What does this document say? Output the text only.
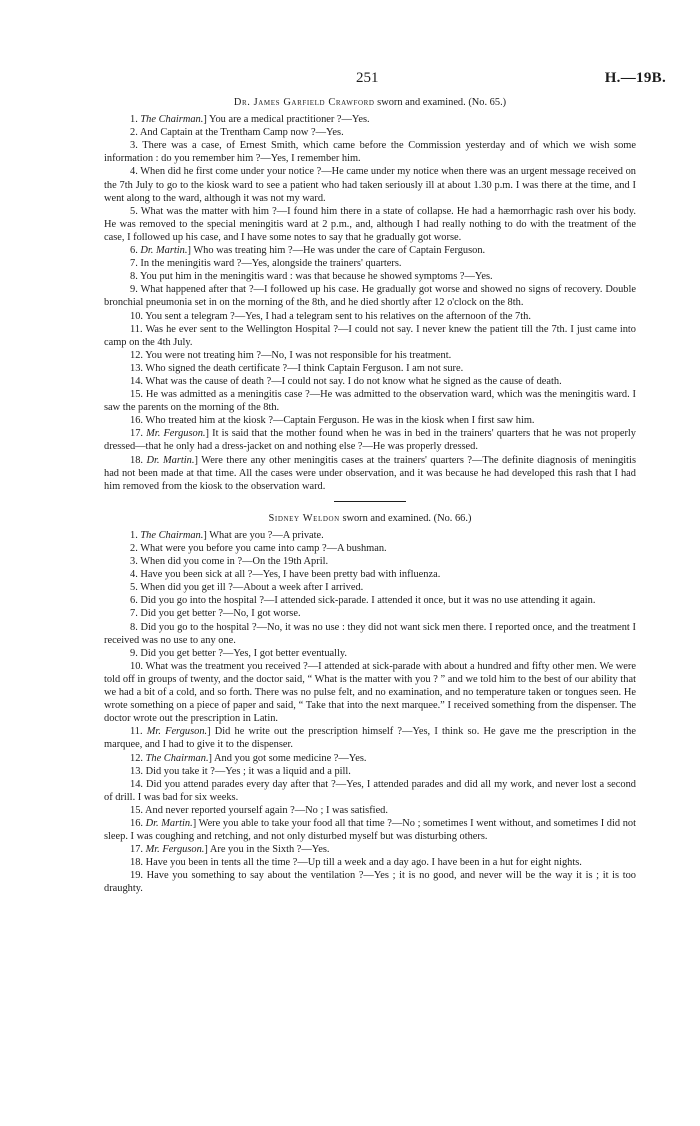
251	H.—19B.

Dr. James Garfield Crawford sworn and examined. (No. 65.)

1. The Chairman.] You are a medical practitioner ?—Yes.

2. And Captain at the Trentham Camp now ?—Yes.

3. There was a case, of Ernest Smith, which came before the Commission yesterday and of which we wish some information : do you remember him ?—Yes, I remember him.

4. When did he first come under your notice ?—He came under my notice when there was an urgent message received on the 7th July to go to the kiosk ward to see a patient who had taken seriously ill at about 1.30 p.m. I was there at the time, and I went along to the ward, although it was not my ward.

5. What was the matter with him ?—I found him there in a state of collapse. He had a hæmorrhagic rash over his body. He was removed to the special meningitis ward at 2 p.m., and, although I had really nothing to do with the treatment of the case, I followed up his case, and I have some notes to say that he gradually got worse.

6. Dr. Martin.] Who was treating him ?—He was under the care of Captain Ferguson.

7. In the meningitis ward ?—Yes, alongside the trainers' quarters.

8. You put him in the meningitis ward : was that because he showed symptoms ?—Yes.

9. What happened after that ?—I followed up his case. He gradually got worse and showed no signs of recovery. Double bronchial pneumonia set in on the morning of the 8th, and he died shortly after 12 o'clock on the 8th.

10. You sent a telegram ?—Yes, I had a telegram sent to his relatives on the afternoon of the 7th.

11. Was he ever sent to the Wellington Hospital ?—I could not say. I never knew the patient till the 7th. I just came into camp on the 4th July.

12. You were not treating him ?—No, I was not responsible for his treatment.

13. Who signed the death certificate ?—I think Captain Ferguson. I am not sure.

14. What was the cause of death ?—I could not say. I do not know what he signed as the cause of death.

15. He was admitted as a meningitis case ?—He was admitted to the observation ward, which was the meningitis ward. I saw the parents on the morning of the 8th.

16. Who treated him at the kiosk ?—Captain Ferguson. He was in the kiosk when I first saw him.

17. Mr. Ferguson.] It is said that the mother found when he was in bed in the trainers' quarters that he was not properly dressed—that he only had a dress-jacket on and nothing else ?—He was properly dressed.

18. Dr. Martin.] Were there any other meningitis cases at the trainers' quarters ?—The definite diagnosis of meningitis had not been made at that time. All the cases were under observation, and it was because he had developed this rash that I had him removed from the kiosk to the observation ward.

Sidney Weldon sworn and examined. (No. 66.)

1. The Chairman.] What are you ?—A private.

2. What were you before you came into camp ?—A bushman.

3. When did you come in ?—On the 19th April.

4. Have you been sick at all ?—Yes, I have been pretty bad with influenza.

5. When did you get ill ?—About a week after I arrived.

6. Did you go into the hospital ?—I attended sick-parade. I attended it once, but it was no use attending it again.

7. Did you get better ?—No, I got worse.

8. Did you go to the hospital ?—No, it was no use : they did not want sick men there. I reported once, and the treatment I received was no use to any one.

9. Did you get better ?—Yes, I got better eventually.

10. What was the treatment you received ?—I attended at sick-parade with about a hundred and fifty other men. We were told off in groups of twenty, and the doctor said, “ What is the matter with you ? ” and we told him to the best of our ability that we had a bit of a cold, and so forth. There was no pulse felt, and no examination, and no temperature taken or tongues seen. He wrote something on a piece of paper and said, “ Take that into the next marquee.” I received something from the dispenser. The doctor wrote out the prescription in Latin.

11. Mr. Ferguson.] Did he write out the prescription himself ?—Yes, I think so. He gave me the prescription in the marquee, and I had to give it to the dispenser.

12. The Chairman.] And you got some medicine ?—Yes.

13. Did you take it ?—Yes ; it was a liquid and a pill.

14. Did you attend parades every day after that ?—Yes, I attended parades and did all my work, and never lost a second of drill. I was bad for six weeks.

15. And never reported yourself again ?—No ; I was satisfied.

16. Dr. Martin.] Were you able to take your food all that time ?—No ; sometimes I went without, and sometimes I did not sleep. I was coughing and retching, and not only disturbed myself but was disturbing others.

17. Mr. Ferguson.] Are you in the Sixth ?—Yes.

18. Have you been in tents all the time ?—Up till a week and a day ago. I have been in a hut for eight nights.

19. Have you something to say about the ventilation ?—Yes ; it is no good, and never will be the way it is ; it is too draughty.
